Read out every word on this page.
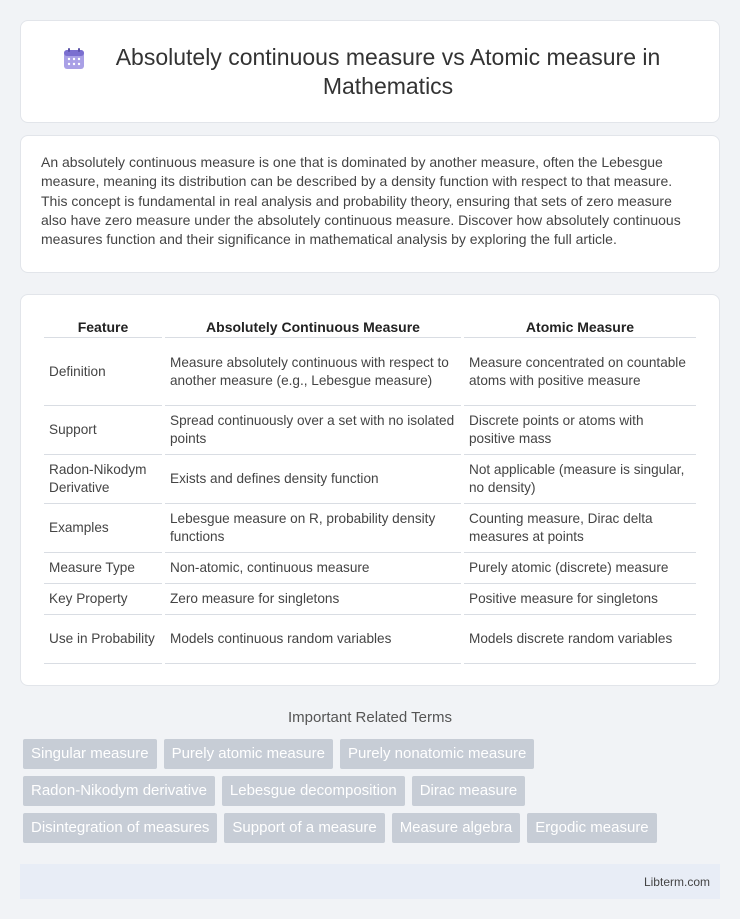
Absolutely continuous measure vs Atomic measure in Mathematics

An absolutely continuous measure is one that is dominated by another measure, often the Lebesgue measure, meaning its distribution can be described by a density function with respect to that measure. This concept is fundamental in real analysis and probability theory, ensuring that sets of zero measure also have zero measure under the absolutely continuous measure. Discover how absolutely continuous measures function and their significance in mathematical analysis by exploring the full article.

Feature	Absolutely Continuous Measure	Atomic Measure
Definition	Measure absolutely continuous with respect to another measure (e.g., Lebesgue measure)	Measure concentrated on countable atoms with positive measure
Support	Spread continuously over a set with no isolated points	Discrete points or atoms with positive mass
Radon-Nikodym Derivative	Exists and defines density function	Not applicable (measure is singular, no density)
Examples	Lebesgue measure on R, probability density functions	Counting measure, Dirac delta measures at points
Measure Type	Non-atomic, continuous measure	Purely atomic (discrete) measure
Key Property	Zero measure for singletons	Positive measure for singletons
Use in Probability	Models continuous random variables	Models discrete random variables
Important Related Terms
Singular measure	Purely atomic measure	Purely nonatomic measure
Radon-Nikodym derivative	Lebesgue decomposition	Dirac measure
Disintegration of measures	Support of a measure	Measure algebra	Ergodic measure
Libterm.com
